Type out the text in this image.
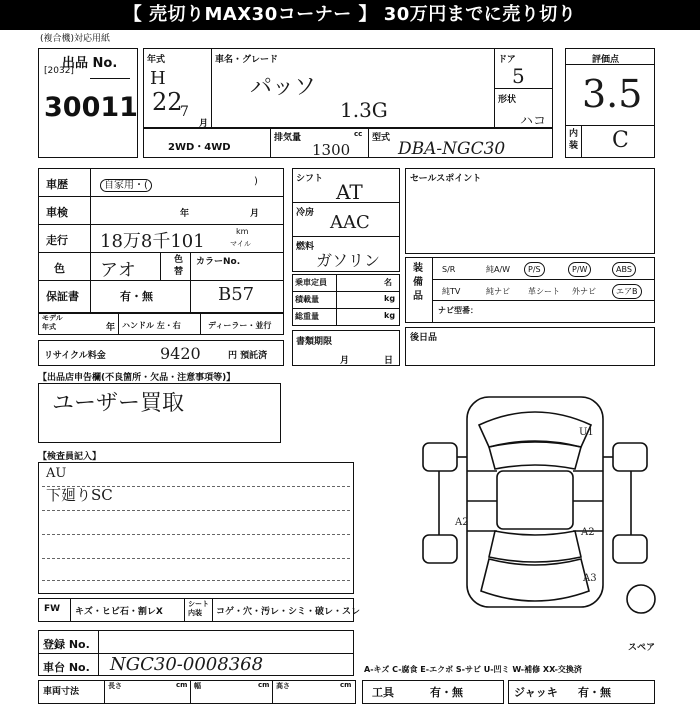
【 売切りMAX30コーナー 】 30万円までに売り切り
(複合機)対応用紙
出品 No.
[2032]
30011
年式
H
22
7
月
車名・グレード
パッソ
1.3G
ドア
5
形状
ハコ
2WD・4WD
排気量	cc
1300
型式
DBA-NGC30
評価点
3.5
内装 C
車歴	自家用・(	)
車検	年	月
走行 18万8千101	km
マイル
色 アオ	色替
カラーNo.
B57
保証書	有・無
モデル年式	年 ハンドル 左・右	ディーラー・並行
リサイクル料金	9420	円 預託済
シフト
AT
冷房 AAC
燃料
ガソリン
乗車定員	名
積載量	kg
総重量	kg
書類期限
月	日
セールスポイント
装備品
S/R	純A/W	P/S	P/W	ABS
純TV	純ナビ	革シート	外ナビ	エアB
ナビ型番：
後日品
【出品店申告欄(不良箇所・欠品・注意事項等)】
ユーザー買取
【検査員記入】
AU
下廻りSC
FW キズ・ヒビ石・割レX
シート内装	コゲ・穴・汚レ・シミ・破レ・スレ
U1
A2
A2
A3
スペア
登録 No.
車台 No. NGC30-0008368	A-キズ C-腐食 E-エクボ S-サビ U-凹ミ W-補修 XX-交換済
車両寸法
長さ	cm 幅	cm 高さ	cm
工具	有・無	ジャッキ 有・無
